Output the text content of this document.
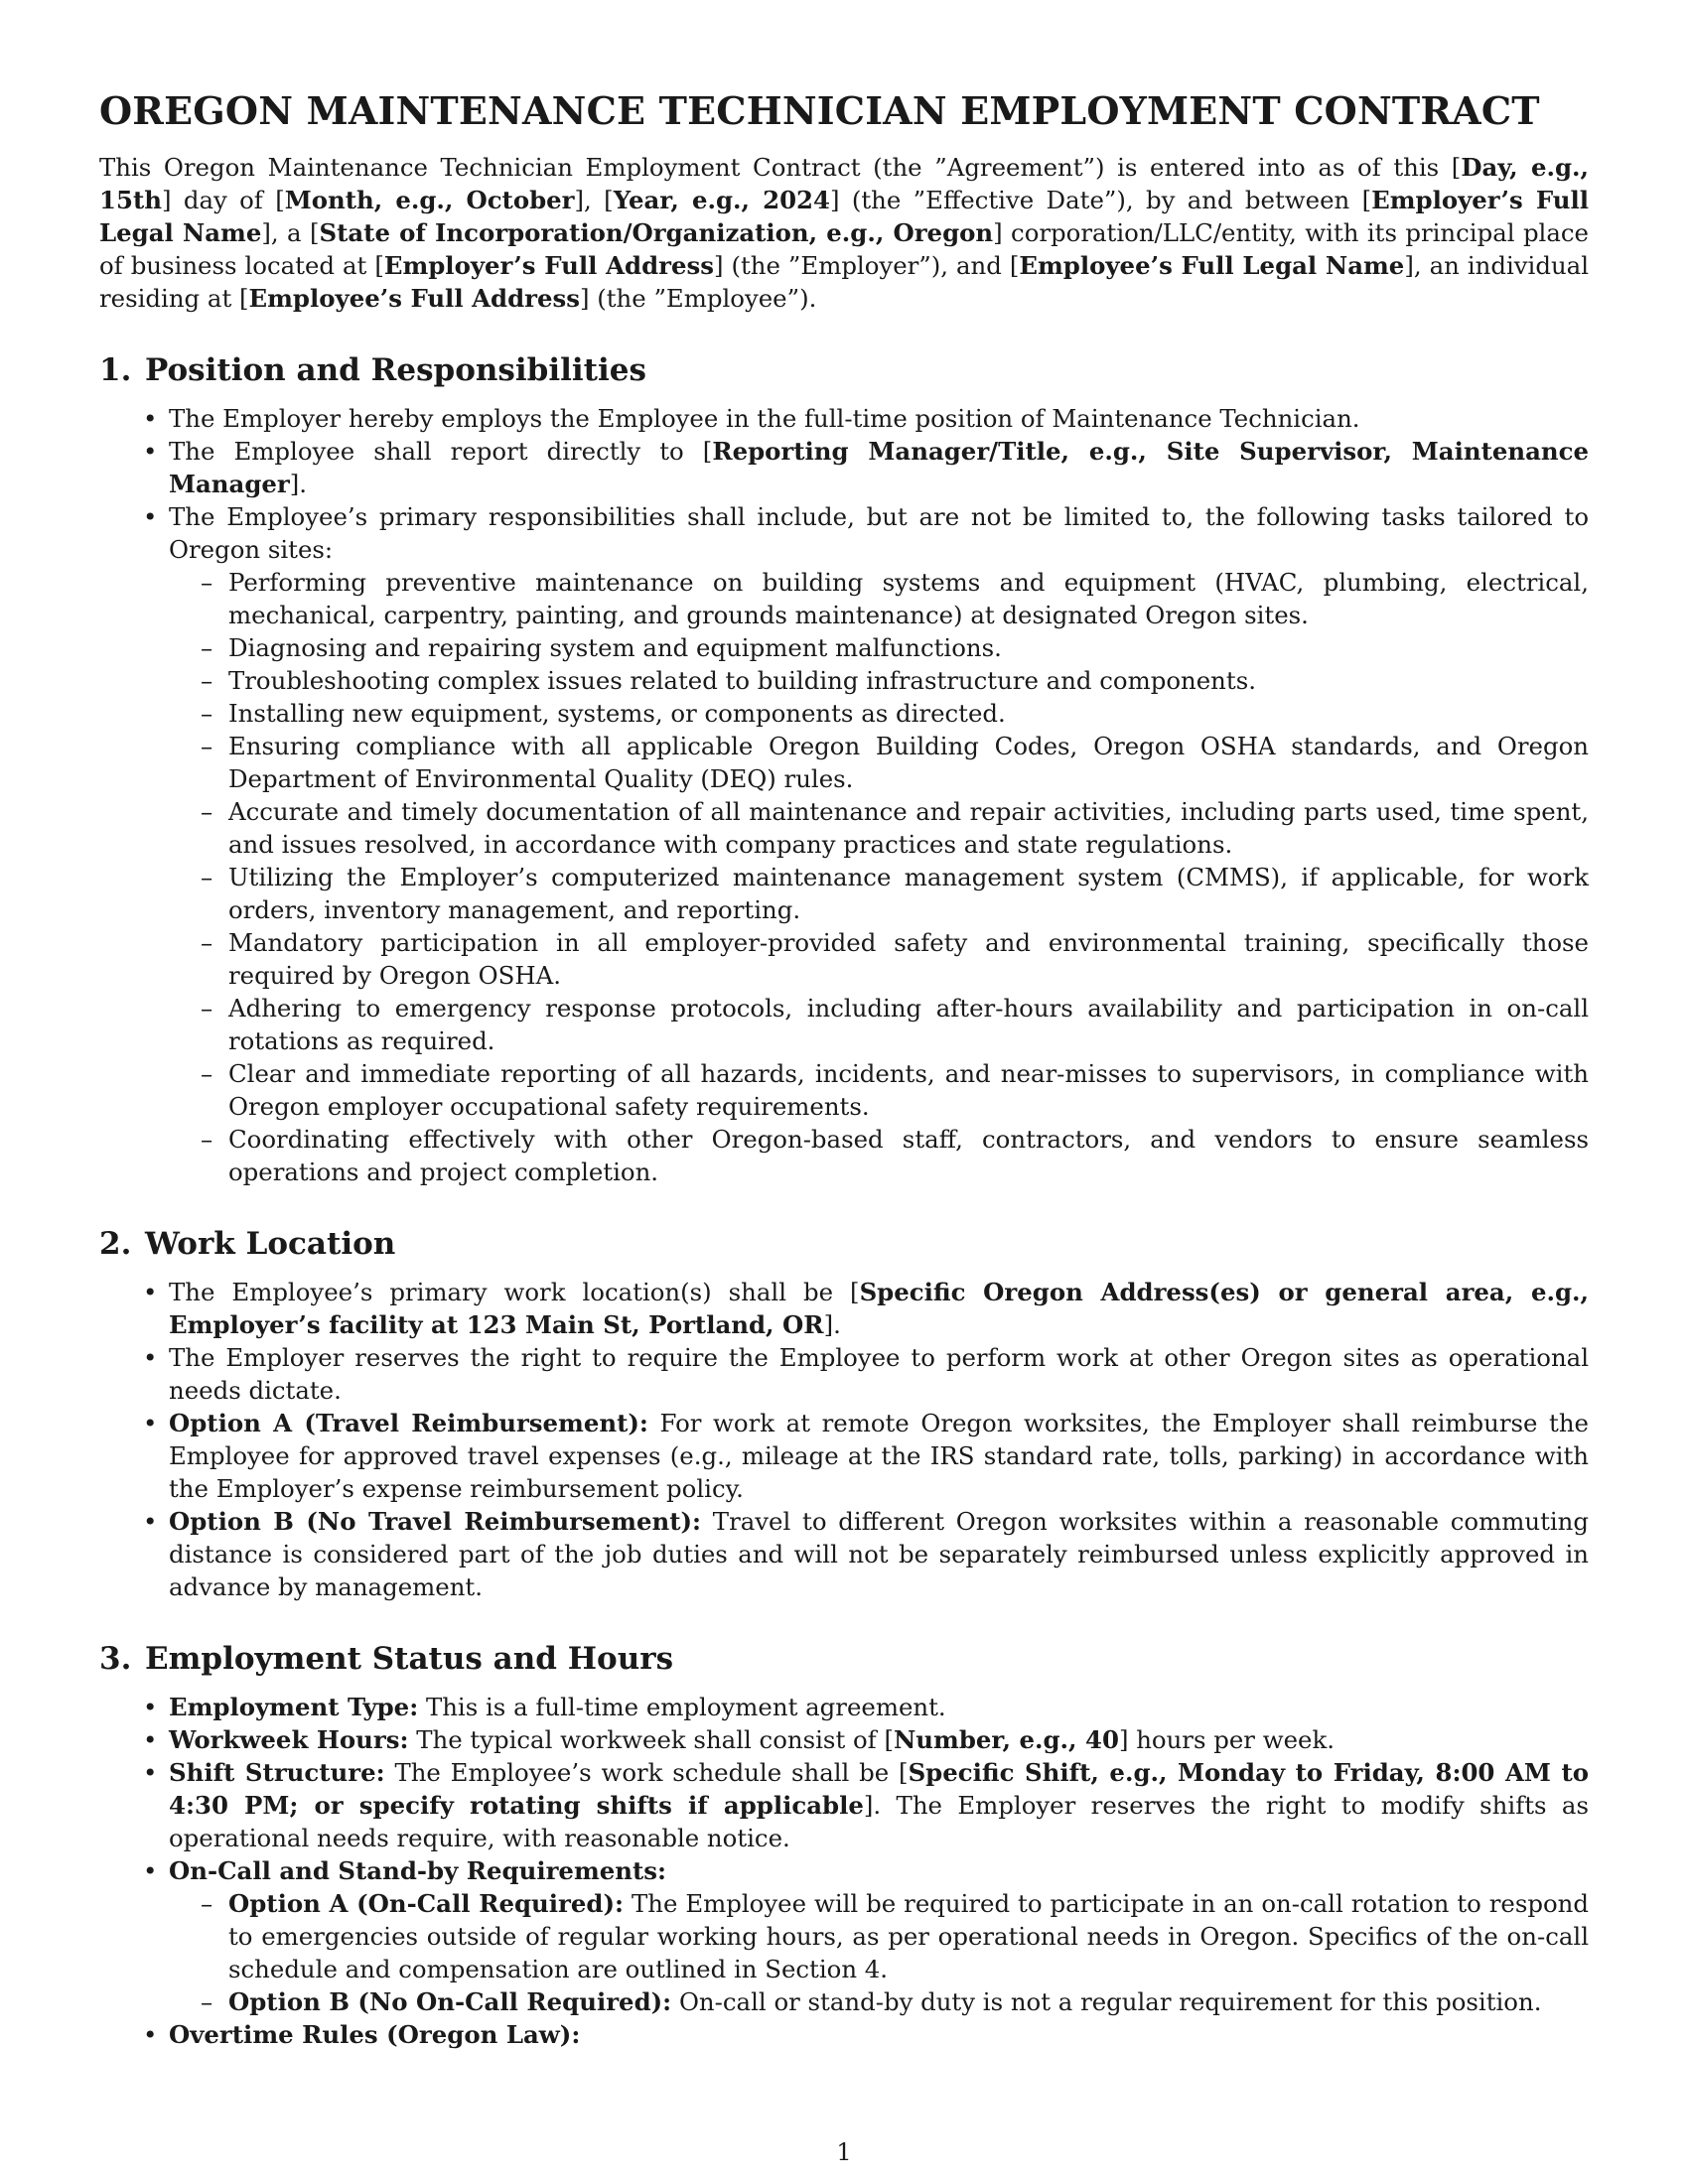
OREGON MAINTENANCE TECHNICIAN EMPLOYMENT CONTRACT

This Oregon Maintenance Technician Employment Contract (the ”Agreement”) is entered into as of this [Day, e.g., 15th] day of [Month, e.g., October], [Year, e.g., 2024] (the ”Effective Date”), by and between [Employer’s Full Legal Name], a [State of Incorporation/Organization, e.g., Oregon] corporation/LLC/entity, with its principal place of business located at [Employer’s Full Address] (the ”Employer”), and [Employee’s Full Legal Name], an individual residing at [Employee’s Full Address] (the ”Employee”).

1. Position and Responsibilities
• The Employer hereby employs the Employee in the full-time position of Maintenance Technician.
• The Employee shall report directly to [Reporting Manager/Title, e.g., Site Supervisor, Maintenance Manager].
• The Employee’s primary responsibilities shall include, but are not be limited to, the following tasks tailored to Oregon sites:
– Performing preventive maintenance on building systems and equipment (HVAC, plumbing, electrical, mechanical, carpentry, painting, and grounds maintenance) at designated Oregon sites.
– Diagnosing and repairing system and equipment malfunctions.
– Troubleshooting complex issues related to building infrastructure and components.
– Installing new equipment, systems, or components as directed.
– Ensuring compliance with all applicable Oregon Building Codes, Oregon OSHA standards, and Oregon Department of Environmental Quality (DEQ) rules.
– Accurate and timely documentation of all maintenance and repair activities, including parts used, time spent, and issues resolved, in accordance with company practices and state regulations.
– Utilizing the Employer’s computerized maintenance management system (CMMS), if applicable, for work orders, inventory management, and reporting.
– Mandatory participation in all employer-provided safety and environmental training, specifically those required by Oregon OSHA.
– Adhering to emergency response protocols, including after-hours availability and participation in on-call rotations as required.
– Clear and immediate reporting of all hazards, incidents, and near-misses to supervisors, in compliance with Oregon employer occupational safety requirements.
– Coordinating effectively with other Oregon-based staff, contractors, and vendors to ensure seamless operations and project completion.
2. Work Location
• The Employee’s primary work location(s) shall be [Specific Oregon Address(es) or general area, e.g., Employer’s facility at 123 Main St, Portland, OR].
• The Employer reserves the right to require the Employee to perform work at other Oregon sites as operational needs dictate.
• Option A (Travel Reimbursement): For work at remote Oregon worksites, the Employer shall reimburse the Employee for approved travel expenses (e.g., mileage at the IRS standard rate, tolls, parking) in accordance with the Employer’s expense reimbursement policy.
• Option B (No Travel Reimbursement): Travel to different Oregon worksites within a reasonable commuting distance is considered part of the job duties and will not be separately reimbursed unless explicitly approved in advance by management.
3. Employment Status and Hours
• Employment Type: This is a full-time employment agreement.
• Workweek Hours: The typical workweek shall consist of [Number, e.g., 40] hours per week.
• Shift Structure: The Employee’s work schedule shall be [Specific Shift, e.g., Monday to Friday, 8:00 AM to 4:30 PM; or specify rotating shifts if applicable]. The Employer reserves the right to modify shifts as operational needs require, with reasonable notice.
• On-Call and Stand-by Requirements:
– Option A (On-Call Required): The Employee will be required to participate in an on-call rotation to respond to emergencies outside of regular working hours, as per operational needs in Oregon. Specifics of the on-call schedule and compensation are outlined in Section 4.
– Option B (No On-Call Required): On-call or stand-by duty is not a regular requirement for this position.
• Overtime Rules (Oregon Law):
1
